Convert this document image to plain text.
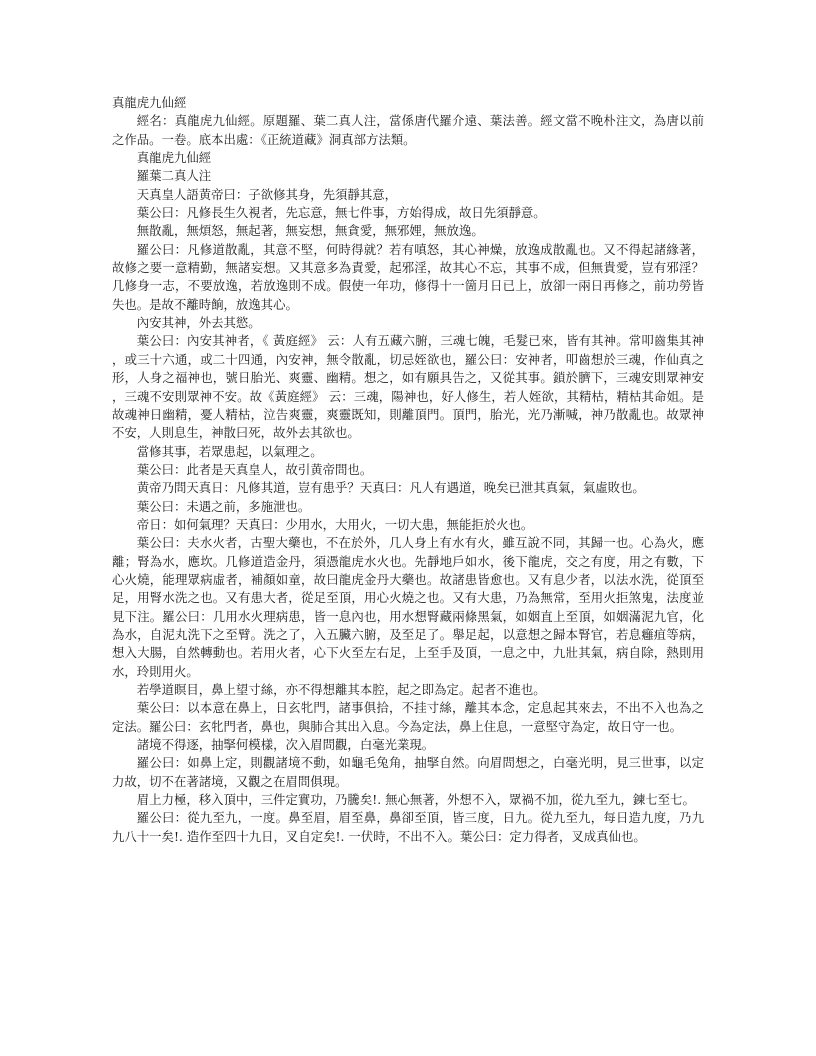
真龍虎九仙經

經名：真龍虎九仙經。原題羅、葉二真人注，當係唐代羅介遠、葉法善。經文當不晚朴注文，為唐以前之作品。一卷。底本出處：《正統道藏》洞真部方法類。

真龍虎九仙經

羅葉二真人注

天真皇人語黄帝曰：子欲修其身，先須靜其意，

葉公曰：凡修長生久視者，先忘意，無七件事，方始得成，故日先須靜意。

無散亂，無煩怒，無起著，無妄想，無貪愛，無邪娌，無放逸。

羅公曰：凡修道散亂，其意不堅，何時得就？若有嗔怒，其心神燥，放逸成散亂也。又不得起諸緣著，故修之要一意精勤，無諸妄想。又其意多為責愛，起邪淫，故其心不忘，其事不成，但無貴愛，豈有邪淫？几修身一志，不要放逸，若放逸則不成。假使一年功，修得十一箇月日已上，放卻一兩日再修之，前功勞皆失也。是故不離時餉，放逸其心。

內安其神，外去其慾。

葉公曰：內安其神者，《 黃庭經》 云：人有五藏六腑，三魂七魄，毛髮已來，皆有其神。常叩齒集其神，或三十六通，或二十四通，內安神，無令散亂，切忌姪欲也，羅公曰：安神者，叩齒想於三魂，作仙真之形，人身之福神也，號日胎光、爽靈、幽精。想之，如有願具告之，又從其事。鎖於臍下，三魂安則眾神安，三魂不安則眾神不安。故《黃庭經》 云：三魂，陽神也，好人修生，若人姪欲，其精枯，精枯其命姐。是故魂神日幽精，憂人精枯，泣告爽靈，爽靈既知，則離頂門。頂門，胎光，光乃漸喊，神乃散亂也。故眾神不安，人則息生，神散曰死，故外去其欲也。

當修其事，若眾患起，以氣理之。

葉公曰：此者是天真皇人，故引黄帝問也。

黄帝乃問天真日：凡修其道，豈有患乎？天真曰：凡人有遇道，晚矣已泄其真氣，氣虛敗也。

葉公曰：未遇之前，多施泄也。

帝日：如何氣理？天真曰：少用水，大用火，一切大患，無能拒於火也。

葉公曰：夫水火者，古聖大藥也，不在於外，几人身上有水有火，雖互說不同，其歸一也。心為火，應離；腎為水，應坎。几修道造金丹，須憑龍虎水火也。先靜地戶如水，後下龍虎，交之有度，用之有數，下心火燒，能理眾病虛者，補顏如童，故曰龍虎金丹大藥也。故諸患皆愈也。又有息少者，以法水洗，從頂至足，用腎水洗之也。又有患大者，從足至頂，用心火燒之也。又有大患，乃為無常，至用火拒煞鬼，法度並見下注。羅公曰：几用水火理病患，皆一息內也，用水想腎藏兩條黑氣，如姻直上至頂，如姻滿泥九官，化為水，自泥丸洗下之至臂。洗之了，入五臟六腑，及至足了。舉足起，以意想之歸本腎官，若息癰疽等病，想入大腸，自然轉動也。若用火者，心下火至左右足，上至手及頂，一息之中，九壯其氣，病自除，熱則用水，玲則用火。

若學道瞑目，鼻上望寸絲，亦不得想離其本腔，起之即為定。起者不進也。

葉公曰：以本意在鼻上，日玄牝門，諸事俱拾，不挂寸絲，離其本念，定息起其來去，不出不入也為之定法。羅公曰：玄牝門者，鼻也，與肺合其出入息。今為定法，鼻上住息，一意堅守為定，故日守一也。

諸境不得逐，抽掔何模樣，次入眉問觀，白毫光業現。

羅公曰：如鼻上定，則觀諸境不動，如龜毛兔角，抽掔自然。向眉問想之，白毫光明，見三世事，以定力故，切不在著諸境，又觀之在眉問俱現。

眉上力極，移入頂中，三件定實功，乃騰矣!. 無心無著，外想不入，眾禍不加，從九至九，鍊七至七。

羅公曰：從九至九，一度。鼻至眉，眉至鼻，鼻卻至頂，皆三度，日九。從九至九，每日造九度，乃九九八十一矣!. 造作至四十九日，叉自定矣!. 一伏時，不出不入。葉公曰：定力得者，叉成真仙也。
